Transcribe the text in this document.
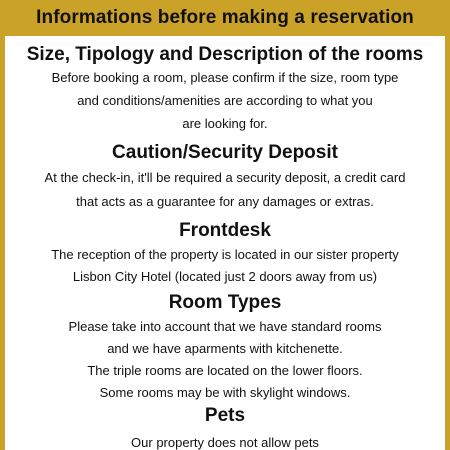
Informations before making a reservation
Size, Tipology and Description of the rooms
Before booking a room, please confirm if the size, room type
and conditions/amenities are according to what you
are looking for.
Caution/Security Deposit
At the check-in, it'll be required a security deposit, a credit card
that acts as a guarantee for any damages or extras.
Frontdesk
The reception of the property is located in our sister property
Lisbon City Hotel (located just 2 doors away from us)
Room Types
Please take into account that we have standard rooms
and we have aparments with kitchenette.
The triple rooms are located on the lower floors.
Some rooms may be with skylight windows.
Pets
Our property does not allow pets
